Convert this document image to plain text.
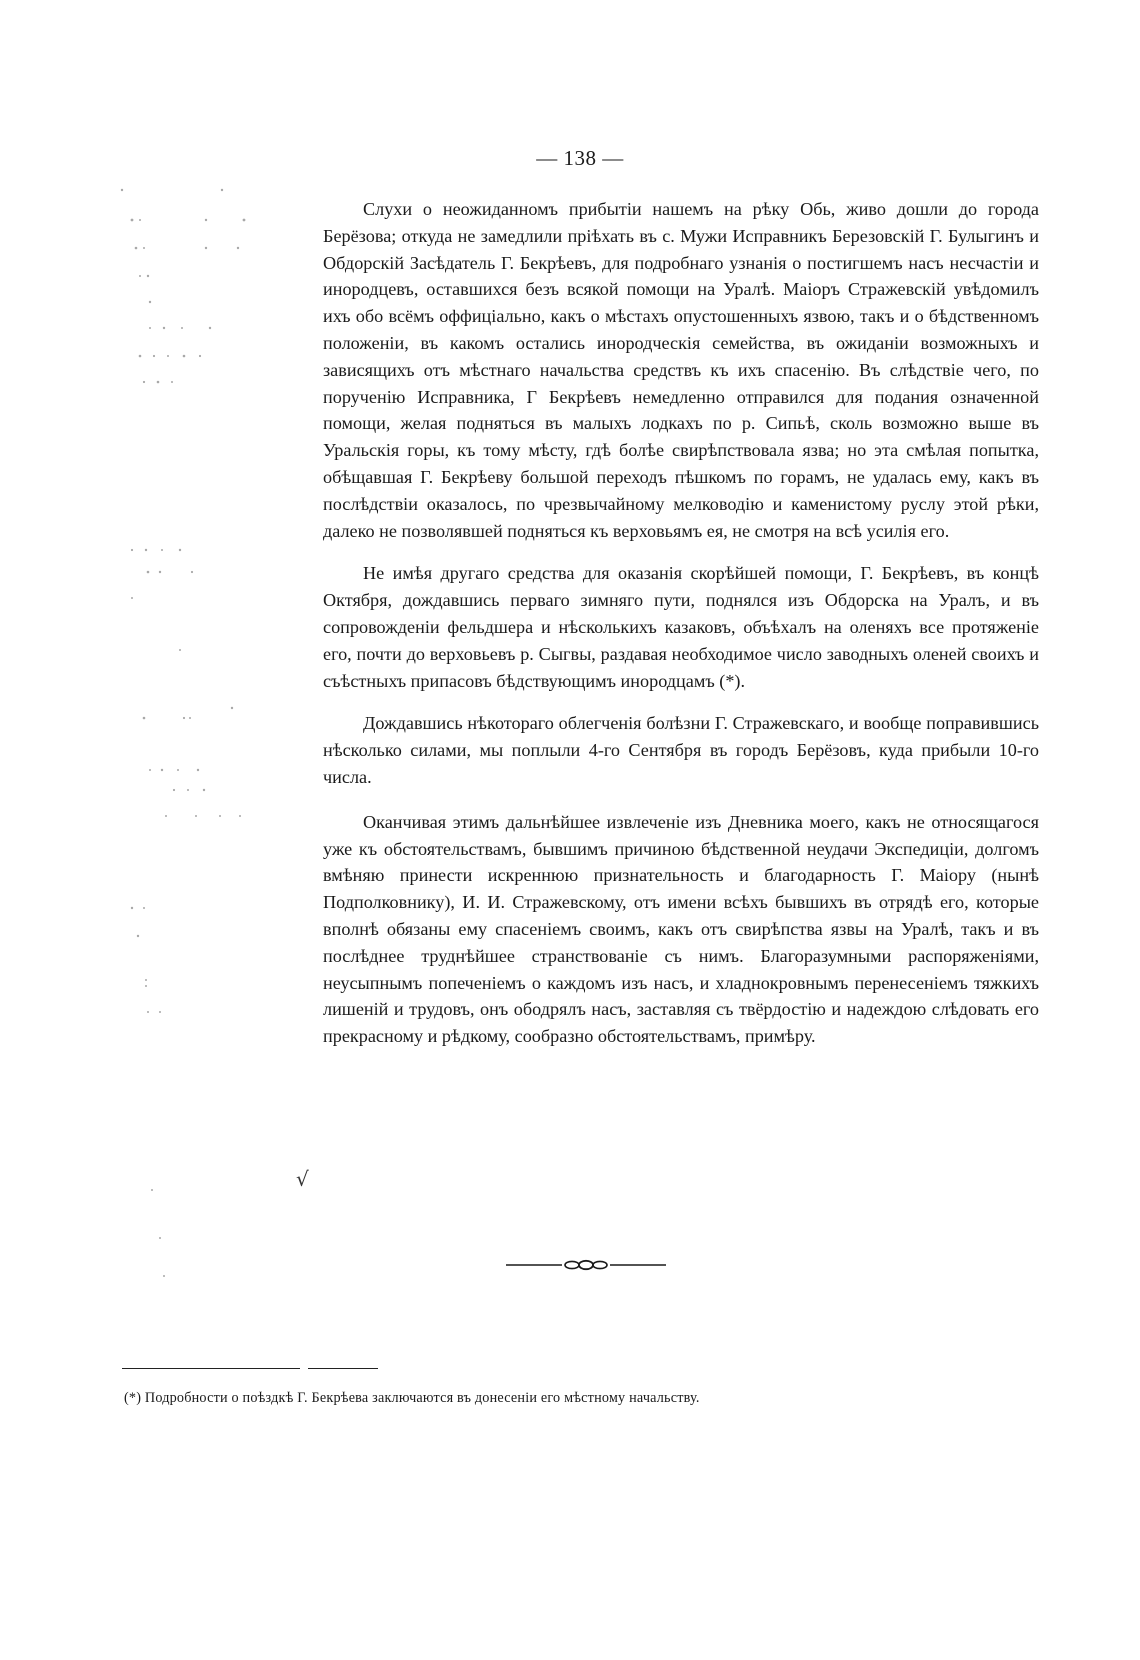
— 138 —

Слухи о неожиданномъ прибытіи нашемъ на рѣку Обь, живо дошли до города Берёзова; откуда не замедлили пріѣхать въ с. Мужи Исправникъ Березовскій Г. Булыгинъ и Обдорскій Засѣдатель Г. Бекрѣевъ, для подробнаго узнанія о постигшемъ насъ несчастіи и инородцевъ, оставшихся безъ всякой помощи на Уралѣ. Маіоръ Стражевскій увѣдомилъ ихъ обо всёмъ оффиціально, какъ о мѣстахъ опустошенныхъ язвою, такъ и о бѣдственномъ положеніи, въ какомъ остались инородческія семейства, въ ожиданіи возможныхъ и зависящихъ отъ мѣстнаго начальства средствъ къ ихъ спасенію. Въ слѣдствіе чего, по порученію Исправника, Г Бекрѣевъ немедленно отправился для подания означенной помощи, желая подняться въ малыхъ лодкахъ по р. Сипьѣ, сколь возможно выше въ Уральскія горы, къ тому мѣсту, гдѣ болѣе свирѣпствовала язва; но эта смѣлая попытка, обѣщавшая Г. Бекрѣеву большой переходъ пѣшкомъ по горамъ, не удалась ему, какъ въ послѣдствіи оказалось, по чрезвычайному мелководію и каменистому руслу этой рѣки, далеко не позволявшей подняться къ верховьямъ ея, не смотря на всѣ усилія его.

Не имѣя другаго средства для оказанія скорѣйшей помощи, Г. Бекрѣевъ, въ концѣ Октября, дождавшись перваго зимняго пути, поднялся изъ Обдорска на Уралъ, и въ сопровожденіи фельдшера и нѣсколькихъ казаковъ, объѣхалъ на оленяхъ все протяженіе его, почти до верховьевъ р. Сыгвы, раздавая необходимое число заводныхъ оленей своихъ и съѣстныхъ припасовъ бѣдствующимъ инородцамъ (*).

Дождавшись нѣкотораго облегченія болѣзни Г. Стражевскаго, и вообще поправившись нѣсколько силами, мы поплыли 4-го Сентября въ городъ Берёзовъ, куда прибыли 10-го числа.

Оканчивая этимъ дальнѣйшее извлеченіе изъ Дневника моего, какъ не относящагося уже къ обстоятельствамъ, бывшимъ причиною бѣдственной неудачи Экспедиціи, долгомъ вмѣняю принести искреннюю признательность и благодарность Г. Маіору (нынѣ Подполковнику), И. И. Стражевскому, отъ имени всѣхъ бывшихъ въ отрядѣ его, которые вполнѣ обязаны ему спасеніемъ своимъ, какъ отъ свирѣпства язвы на Уралѣ, такъ и въ послѣднее труднѣйшее странствованіе съ нимъ. Благоразумными распоряженіями, неусыпнымъ попеченіемъ о каждомъ изъ насъ, и хладнокровнымъ перенесеніемъ тяжкихъ лишеній и трудовъ, онъ ободрялъ насъ, заставляя съ твёрдостію и надеждою слѣдовать его прекрасному и рѣдкому, сообразно обстоятельствамъ, примѣру.

(*) Подробности о поѣздкѣ Г. Бекрѣева заключаются въ донесеніи его мѣстному начальству.
√
